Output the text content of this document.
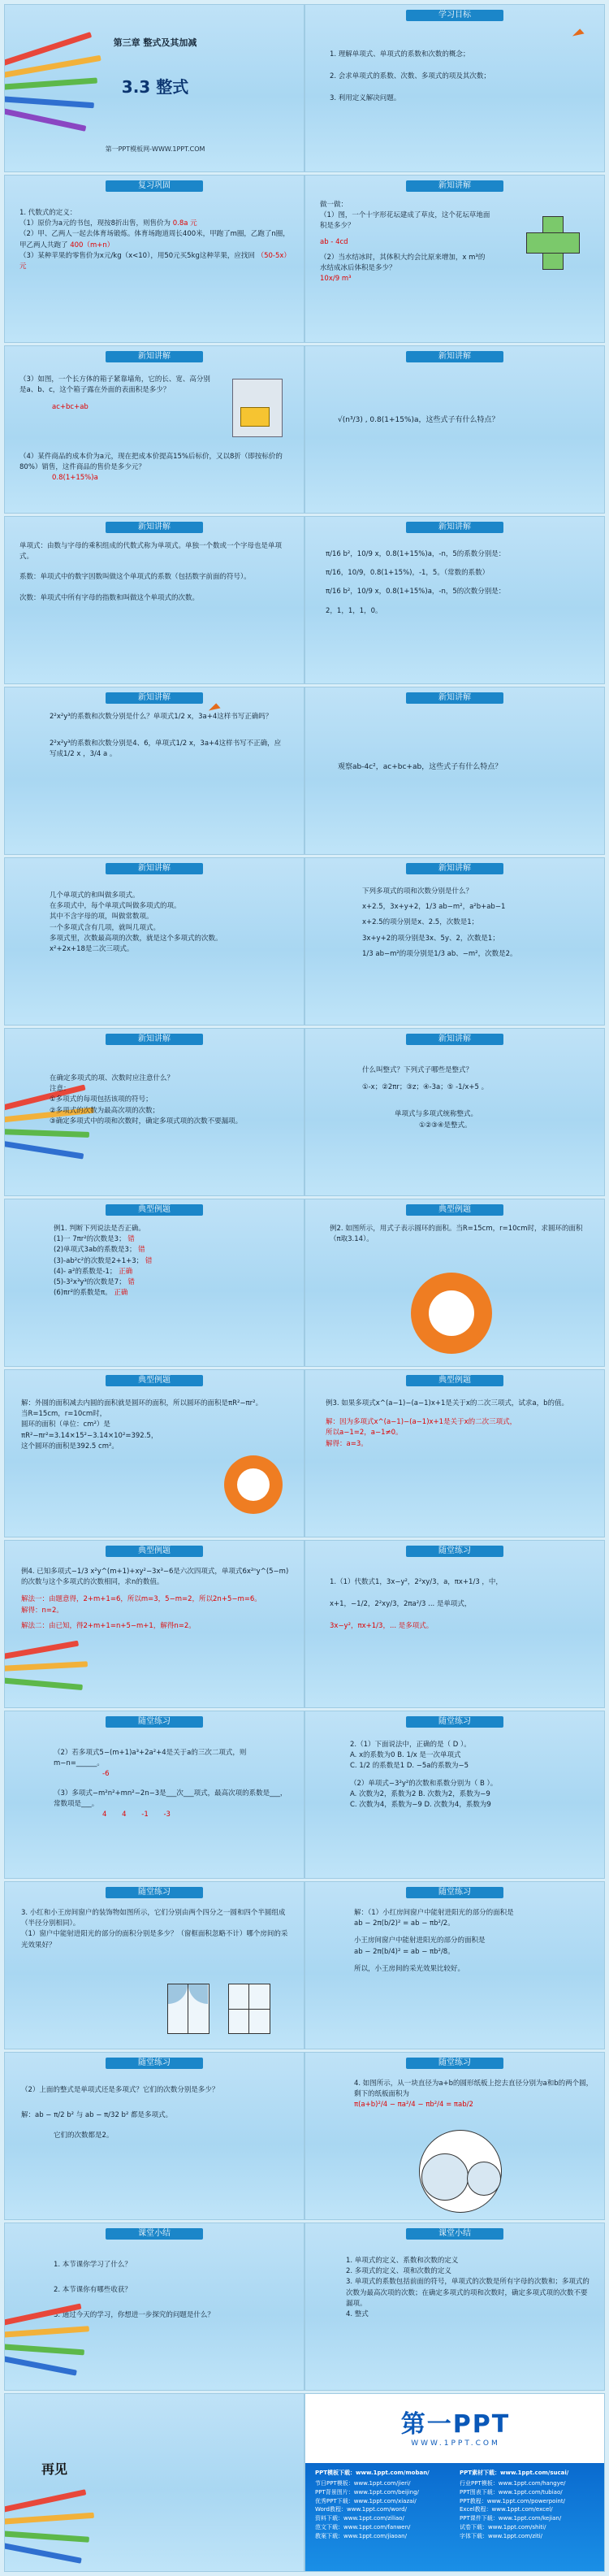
第三章 整式及其加减
3.3 整式
第一PPT模板网-WWW.1PPT.COM
学习目标
1. 理解单项式、单项式的系数和次数的概念；
2. 会求单项式的系数、次数、多项式的项及其次数；
3. 利用定义解决问题。
复习巩固
1. 代数式的定义：
（1）原价为a元的书包，现按8折出售，则售价为 0.8a 元
（2）甲、乙两人一起去体育场锻炼。体育场跑道周长400米，甲跑了m圈，乙跑了n圈，甲乙两人共跑了 400（m+n）
（3）某种苹果的零售价为x元/kg（x<10），用50元买5kg这种苹果，应找回 （50-5x）元
新知讲解
做一做：
（1）图，一个十字形花坛建成了草皮，这个花坛草地面积是多少？
ab - 4cd
（2）当水结冰时，其体积大约会比原来增加，x m³的水结成冰后体积是多少？
10x/9 m³
新知讲解
（3）如图，一个长方体的箱子紧靠墙角，它的长、宽、高分别是a、b、c，这个箱子露在外面的表面积是多少？
ac+bc+ab
（4）某件商品的成本价为a元，现在把成本价提高15%后标价，又以8折（即按标价的80%）销售，这件商品的售价是多少元？
0.8(1+15%)a
新知讲解
√(n³/3) , 0.8(1+15%)a，这些式子有什么特点？
新知讲解
单项式：由数与字母的乘积组成的代数式称为单项式。单独一个数或一个字母也是单项式。
系数：单项式中的数字因数叫做这个单项式的系数（包括数字前面的符号）。
次数：单项式中所有字母的指数和叫做这个单项式的次数。
新知讲解
π/16 b²，10/9 x，0.8(1+15%)a，-n，5的系数分别是：
π/16，10/9，0.8(1+15%)，-1，5。（常数的系数）
π/16 b²，10/9 x，0.8(1+15%)a，-n，5的次数分别是：
2，1，1，1，0。
新知讲解
2²x²y³的系数和次数分别是什么？单项式1/2 x，3a+4这样书写正确吗？
2²x²y³的系数和次数分别是4、6，单项式1/2 x，3a+4这样书写不正确，应写成1/2 x ，3/4 a 。
新知讲解
观察ab-4c²，ac+bc+ab，这些式子有什么特点？
新知讲解
几个单项式的和叫做多项式。
在多项式中，每个单项式叫做多项式的项。
其中不含字母的项，叫做常数项。
一个多项式含有几项，就叫几项式。
多项式里，次数最高项的次数，就是这个多项式的次数。
x²+2x+18是二次三项式。
新知讲解
下列多项式的项和次数分别是什么？
x+2.5，3x+y+2，1/3 ab−m²，a²b+ab−1
x+2.5的项分别是x、2.5，次数是1；
3x+y+2的项分别是3x、5y、2，次数是1；
1/3 ab−m²的项分别是1/3 ab、−m²，次数是2。
新知讲解
在确定多项式的项、次数时应注意什么？
注意：
①多项式的每项包括该项的符号；
②多项式的次数为最高次项的次数；
③确定多项式中的项和次数时，确定多项式项的次数不要漏项。
新知讲解
什么叫整式？下列式子哪些是整式？
①-x；②2πr；③z；④-3a；⑤ -1/x+5 。
单项式与多项式统称整式。
①②③④是整式。
典型例题
例1. 判断下列说法是否正确。
(1)一 7πr²的次数是3； 错
(2)单项式3ab的系数是3； 错
(3)-ab²c²的次数是2+1+3； 错
(4)- a²的系数是-1； 正确
(5)-3²x³y³的次数是7； 错
(6)πr²的系数是π。 正确
典型例题
例2. 如图所示，用式子表示圆环的面积。当R=15cm，r=10cm时，求圆环的面积（π取3.14）。
典型例题
解：外圆的面积减去内圆的面积就是圆环的面积，所以圆环的面积是πR²−πr²。
当R=15cm，r=10cm时，
圆环的面积（单位：cm²）是
πR²−πr²=3.14×15²−3.14×10²=392.5，
这个圆环的面积是392.5 cm²。
典型例题
例3. 如果多项式x^(a−1)−(a−1)x+1是关于x的二次三项式，试求a，b的值。
解：因为多项式x^(a−1)−(a−1)x+1是关于x的二次三项式，
所以a−1=2，a−1≠0。
解得：a=3。
典型例题
例4. 已知多项式−1/3 x²y^(m+1)+xy²−3x³−6是六次四项式，单项式6x²ⁿy^(5−m)的次数与这个多项式的次数相同，求n的数值。
解法一：由题意得，2+m+1=6，所以m=3，5−m=2，所以2n+5−m=6。
解得：n=2。
解法二：由已知，得2+m+1=n+5−m+1，解得n=2。
随堂练习
1.（1）代数式1，3x−y²，2²xy/3，a，πx+1/3 ，中，
x+1，−1/2，2²xy/3，2πa²/3 ... 是单项式，
3x−y²，πx+1/3，... 是多项式。
随堂练习
（2）若多项式5−(m+1)a³+2a²+4是关于a的三次二项式，则m−n=______。
-6
（3）多项式−m²n²+mn²−2n−3是___次___项式，最高次项的系数是___，常数项是___。
4 4 -1 -3
随堂练习
2.（1）下面说法中，正确的是（ D ）。
A. x的系数为0 B. 1/x 是一次单项式
C. 1/2 的系数是1 D. −5a的系数为−5
（2）单项式−3²y²的次数和系数分别为（ B ）。
A. 次数为2，系数为2 B. 次数为2，系数为−9
C. 次数为4，系数为−9 D. 次数为4，系数为9
随堂练习
3. 小红和小王房间窗户的装饰物如图所示，它们分别由两个四分之一圆和四个半圆组成（半径分别相同）。
（1）窗户中能射进阳光的部分的面积分别是多少？（窗框面积忽略不计）哪个房间的采光效果好？
随堂练习
解：（1）小红房间窗户中能射进阳光的部分的面积是
ab − 2π(b/2)² = ab − πb²/2。
小王房间窗户中能射进阳光的部分的面积是
ab − 2π(b/4)² = ab − πb²/8。
所以，小王房间的采光效果比较好。
随堂练习
（2）上面的整式是单项式还是多项式？它们的次数分别是多少？
解：ab − π/2 b² 与 ab − π/32 b² 都是多项式。
它们的次数都是2。
随堂练习
4. 如图所示，从一块直径为a+b的圆形纸板上挖去直径分别为a和b的两个圆，剩下的纸板面积为
π(a+b)²/4 − πa²/4 − πb²/4 = πab/2
课堂小结
1. 本节课你学习了什么？
2. 本节课你有哪些收获？
3. 通过今天的学习，你想进一步探究的问题是什么？
课堂小结
1. 单项式的定义、系数和次数的定义
2. 多项式的定义、项和次数的定义
3. 单项式的系数包括前面的符号，单项式的次数是所有字母的次数和；多项式的次数为最高次项的次数；在确定多项式的项和次数时，确定多项式项的次数不要漏项。
4. 整式
再见
第一PPT
WWW.1PPT.COM
PPT模板下载：www.1ppt.com/moban/
节日PPT模板：www.1ppt.com/jieri/
PPT背景图片：www.1ppt.com/beijing/
优秀PPT下载：www.1ppt.com/xiazai/
Word教程：www.1ppt.com/word/
资料下载：www.1ppt.com/ziliao/
范文下载：www.1ppt.com/fanwen/
教案下载：www.1ppt.com/jiaoan/
PPT素材下载：www.1ppt.com/sucai/
行业PPT模板：www.1ppt.com/hangye/
PPT图表下载：www.1ppt.com/tubiao/
PPT教程：www.1ppt.com/powerpoint/
Excel教程：www.1ppt.com/excel/
PPT课件下载：www.1ppt.com/kejian/
试卷下载：www.1ppt.com/shiti/
字体下载：www.1ppt.com/ziti/
